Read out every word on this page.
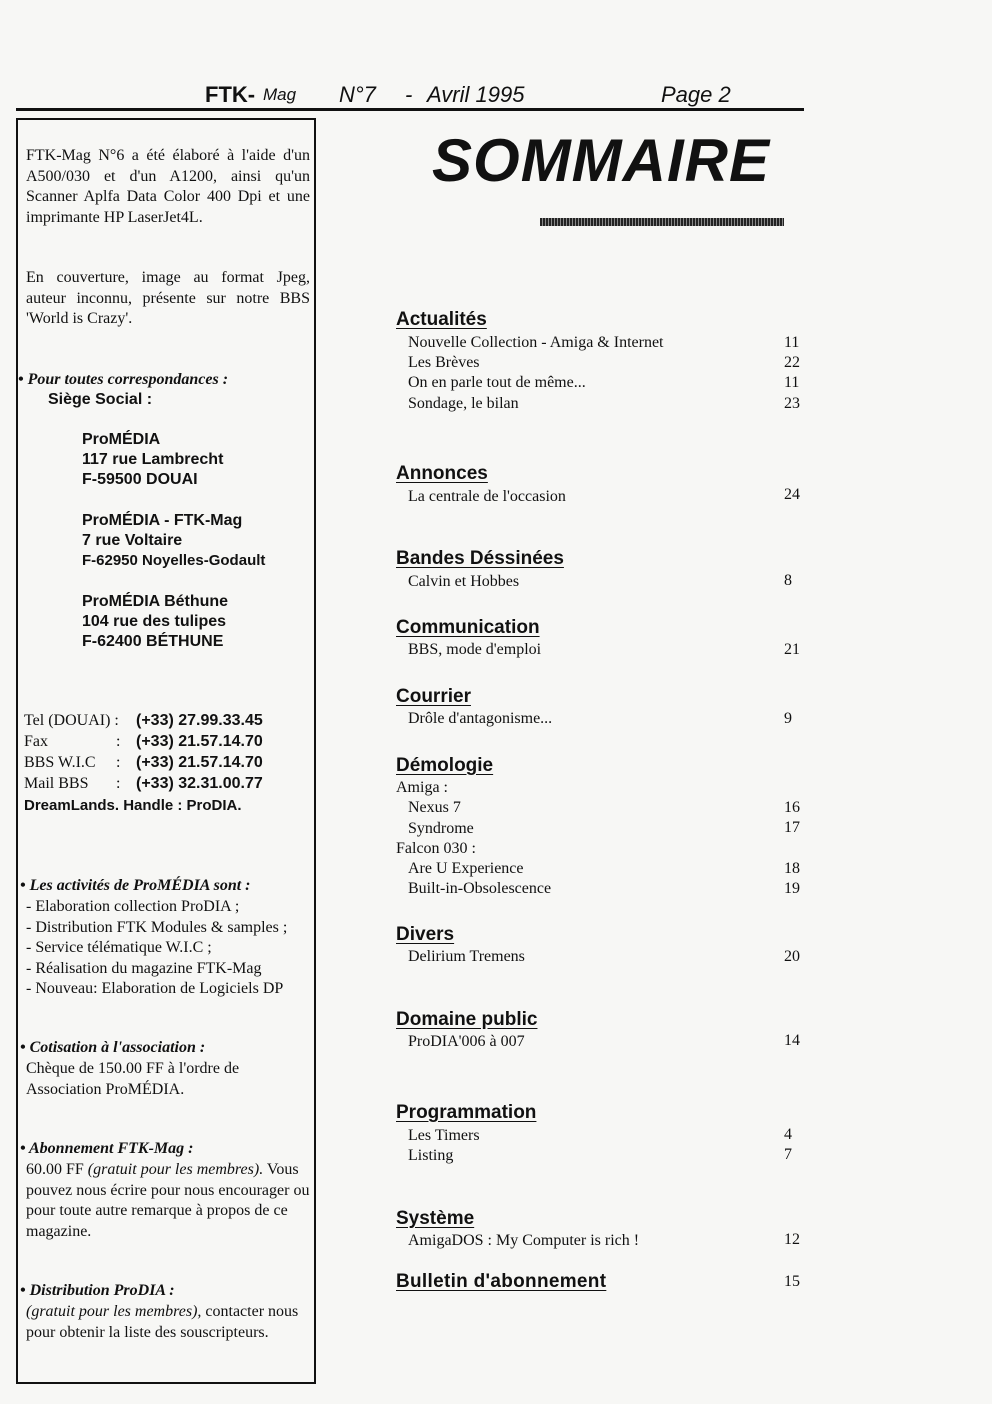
FTK- Mag N°7 - Avril 1995	Page 2
FTK-Mag N°6 a été élaboré à l'aide d'un A500/030 et d'un A1200, ainsi qu'un Scanner Aplfa Data Color 400 Dpi et une imprimante HP LaserJet4L.
En couverture, image au format Jpeg, auteur inconnu, présente sur notre BBS 'World is Crazy'.
• Pour toutes correspondances :
Siège Social :
ProMÉDIA
117 rue Lambrecht
F-59500 DOUAI
ProMÉDIA - FTK-Mag
7 rue Voltaire
F-62950 Noyelles-Godault
ProMÉDIA Béthune
104 rue des tulipes
F-62400 BÉTHUNE
Tel (DOUAI) : (+33) 27.99.33.45
Fax	: (+33) 21.57.14.70
BBS W.I.C : (+33) 21.57.14.70
Mail BBS : (+33) 32.31.00.77
DreamLands. Handle : ProDIA.
• Les activités de ProMÉDIA sont :
- Elaboration collection ProDIA ;
- Distribution FTK Modules & samples ;
- Service télématique W.I.C ;
- Réalisation du magazine FTK-Mag
- Nouveau: Elaboration de Logiciels DP
• Cotisation à l'association :
Chèque de 150.00 FF à l'ordre de Association ProMÉDIA.
• Abonnement FTK-Mag :
60.00 FF (gratuit pour les membres). Vous pouvez nous écrire pour nous encourager ou pour toute autre remarque à propos de ce magazine.
• Distribution ProDIA :
(gratuit pour les membres), contacter nous pour obtenir la liste des souscripteurs.
SOMMAIRE
Actualités
Nouvelle Collection - Amiga & Internet	11
Les Brèves	22
On en parle tout de même...	11
Sondage, le bilan	23
Annonces
La centrale de l'occasion	24
Bandes Déssinées
Calvin et Hobbes	8
Communication
BBS, mode d'emploi	21
Courrier
Drôle d'antagonisme...	9
Démologie
Amiga :
Nexus 7	16
Syndrome	17
Falcon 030 :
Are U Experience	18
Built-in-Obsolescence	19
Divers
Delirium Tremens	20
Domaine public
ProDIA'006 à 007	14
Programmation
Les Timers	4
Listing	7
Système
AmigaDOS : My Computer is rich !	12
Bulletin d'abonnement	15
